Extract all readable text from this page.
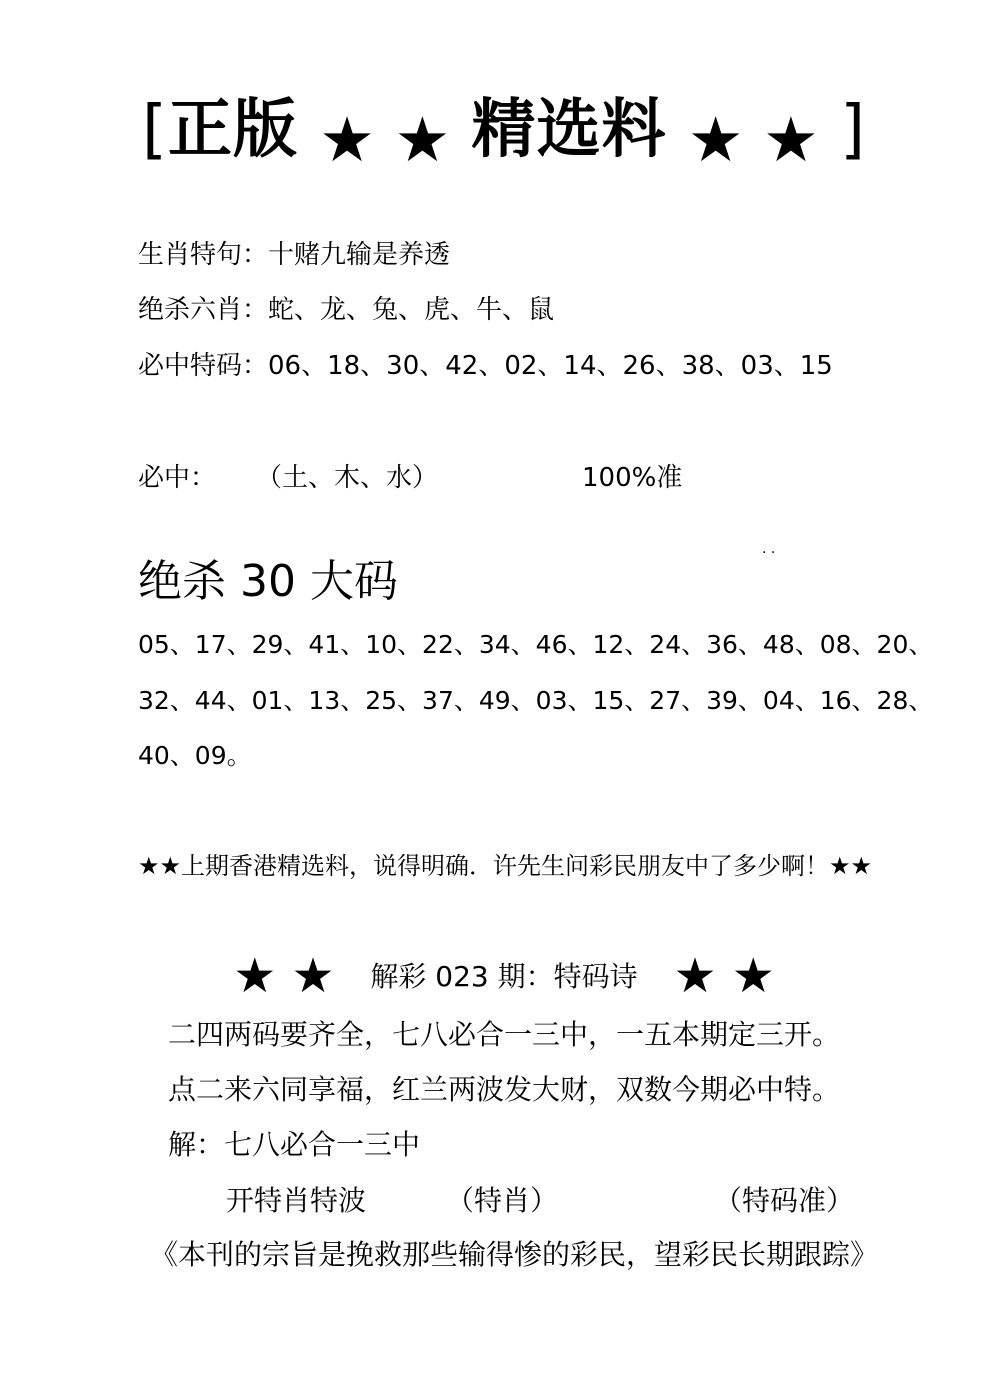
[正版 ★ ★ 精选料 ★ ★ ]
生肖特句：十赌九输是养透
绝杀六肖：蛇、龙、兔、虎、牛、鼠
必中特码：06、18、30、42、02、14、26、38、03、15
必中： （土、木、水）	100%准
· ·
绝杀 30 大码
05、17、29、41、10、22、34、46、12、24、36、48、08、20、
32、44、01、13、25、37、49、03、15、27、39、04、16、28、
40、09。
★★上期香港精选料，说得明确．许先生问彩民朋友中了多少啊！★★
★ ★ 解彩 023 期：特码诗 ★ ★
二四两码要齐全，七八必合一三中，一五本期定三开。
点二来六同享福，红兰两波发大财，双数今期必中特。
解：七八必合一三中
开特肖特波	（特肖）	（特码准）
《本刊的宗旨是挽救那些输得惨的彩民，望彩民长期跟踪》
